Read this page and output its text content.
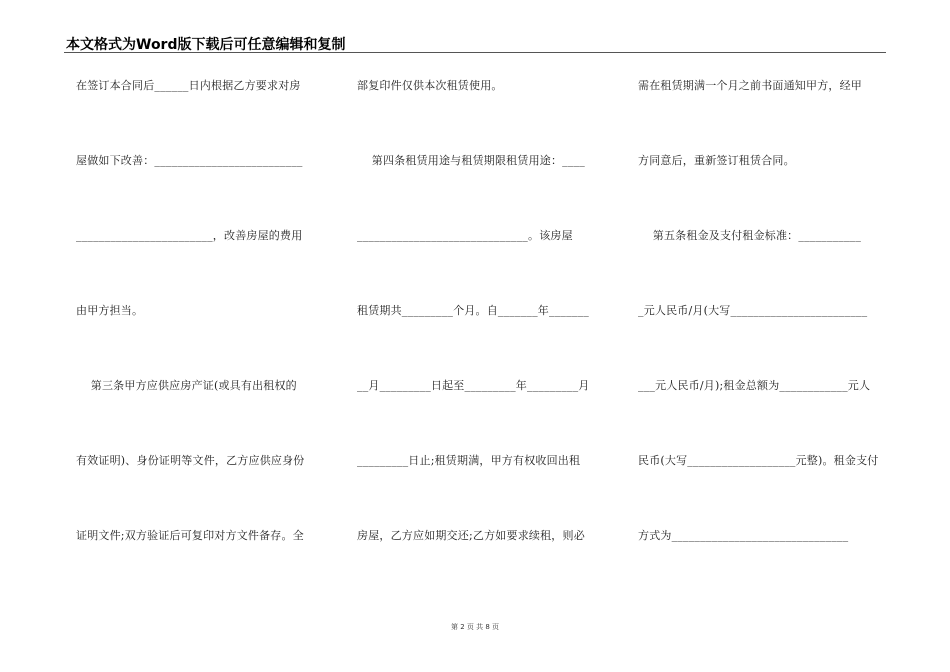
本文格式为Word版下载后可任意编辑和复制
在签订本合同后______日内根据乙方要求对房
屋做如下改善：__________________________
________________________，改善房屋的费用
由甲方担当。
第三条甲方应供应房产证(或具有出租权的
有效证明)、身份证明等文件，乙方应供应身份
证明文件;双方验证后可复印对方文件备存。全
部复印件仅供本次租赁使用。
第四条租赁用途与租赁期限租赁用途：____
______________________________。该房屋
租赁期共_________个月。自_______年_______
__月_________日起至_________年_________月
_________日止;租赁期满，甲方有权收回出租
房屋，乙方应如期交还;乙方如要求续租，则必
需在租赁期满一个月之前书面通知甲方，经甲
方同意后，重新签订租赁合同。
第五条租金及支付租金标准：___________
_元人民币/月(大写________________________
___元人民币/月);租金总额为____________元人
民币(大写___________________元整)。租金支付
方式为_______________________________
第 2 页 共 8 页
